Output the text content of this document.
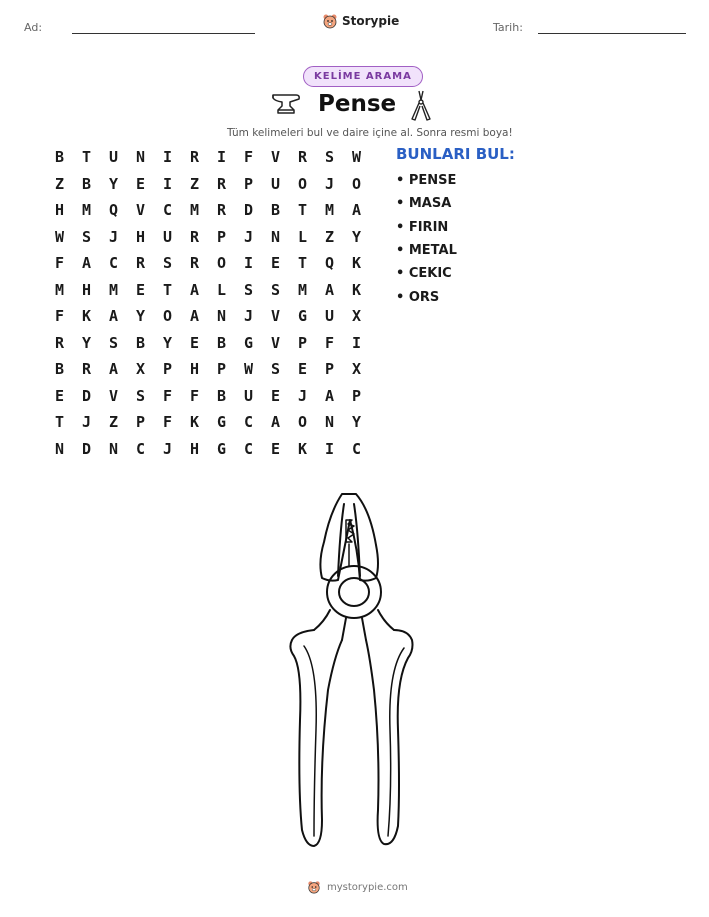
Ad:	Storypie	Tarih:
KELİME ARAMA
Pense
Tüm kelimeleri bul ve daire içine al. Sonra resmi boya!
B	T	U	N	I	R	I	F	V	R	S	W
Z	B	Y	E	I	Z	R	P	U	O	J	O
H	M	Q	V	C	M	R	D	B	T	M	A
W	S	J	H	U	R	P	J	N	L	Z	Y
F	A	C	R	S	R	O	I	E	T	Q	K
M	H	M	E	T	A	L	S	S	M	A	K
F	K	A	Y	O	A	N	J	V	G	U	X
R	Y	S	B	Y	E	B	G	V	P	F	I
B	R	A	X	P	H	P	W	S	E	P	X
E	D	V	S	F	F	B	U	E	J	A	P
T	J	Z	P	F	K	G	C	A	O	N	Y
N	D	N	C	J	H	G	C	E	K	I	C
BUNLARI BUL:
• PENSE
• MASA
• FIRIN
• METAL
• CEKIC
• ORS
mystorypie.com
